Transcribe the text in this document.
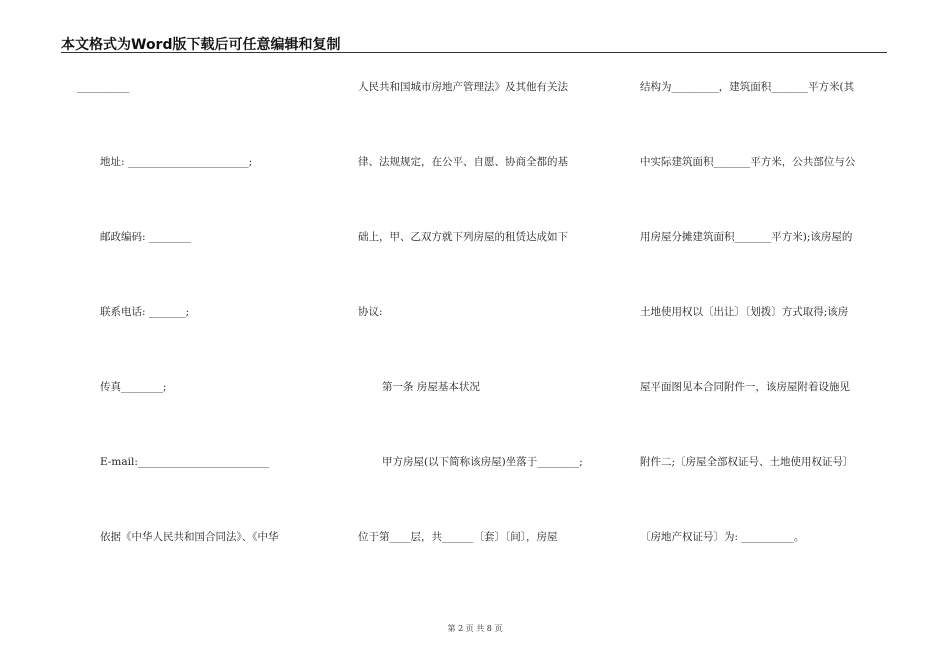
本文格式为Word版下载后可任意编辑和复制
__________
地址: _______________________;
邮政编码: ________
联系电话: _______;
传真________;
E-mail:_________________________
依据《中华人民共和国合同法》、《中华
人民共和国城市房地产管理法》及其他有关法
律、法规规定，在公平、自愿、协商全都的基
础上，甲、乙双方就下列房屋的租赁达成如下
协议:
第一条 房屋基本状况
甲方房屋(以下简称该房屋)坐落于________;
位于第____层，共______〔套〕〔间〕，房屋
结构为_________，建筑面积_______平方米(其
中实际建筑面积_______平方米，公共部位与公
用房屋分摊建筑面积_______平方米);该房屋的
土地使用权以〔出让〕〔划拨〕方式取得;该房
屋平面图见本合同附件一，该房屋附着设施见
附件二;〔房屋全部权证号、土地使用权证号〕
〔房地产权证号〕为: __________。
第 2 页 共 8 页
